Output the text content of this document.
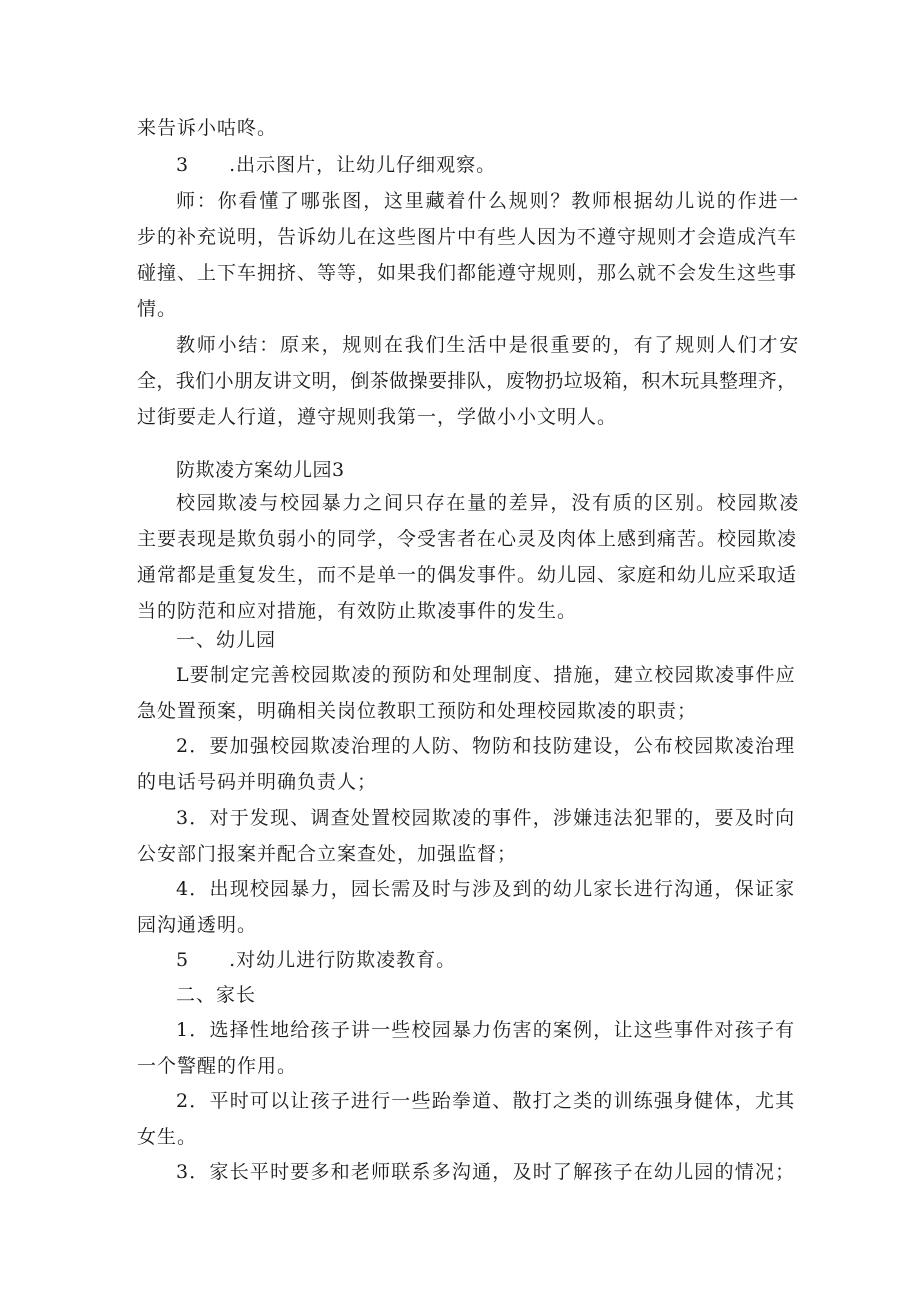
来告诉小咕咚。

3　　.出示图片，让幼儿仔细观察。

师：你看懂了哪张图，这里藏着什么规则？教师根据幼儿说的作进一

步的补充说明，告诉幼儿在这些图片中有些人因为不遵守规则才会造成汽车

碰撞、上下车拥挤、等等，如果我们都能遵守规则，那么就不会发生这些事

情。

教师小结：原来，规则在我们生活中是很重要的，有了规则人们才安

全，我们小朋友讲文明，倒茶做操要排队，废物扔垃圾箱，积木玩具整理齐，

过街要走人行道，遵守规则我第一，学做小小文明人。

防欺凌方案幼儿园3

校园欺凌与校园暴力之间只存在量的差异，没有质的区别。校园欺凌

主要表现是欺负弱小的同学，令受害者在心灵及肉体上感到痛苦。校园欺凌

通常都是重复发生，而不是单一的偶发事件。幼儿园、家庭和幼儿应采取适

当的防范和应对措施，有效防止欺凌事件的发生。

一、幼儿园

L要制定完善校园欺凌的预防和处理制度、措施，建立校园欺凌事件应

急处置预案，明确相关岗位教职工预防和处理校园欺凌的职责；

2．要加强校园欺凌治理的人防、物防和技防建设，公布校园欺凌治理

的电话号码并明确负责人；

3．对于发现、调查处置校园欺凌的事件，涉嫌违法犯罪的，要及时向

公安部门报案并配合立案查处，加强监督；

4．出现校园暴力，园长需及时与涉及到的幼儿家长进行沟通，保证家

园沟通透明。

5　　.对幼儿进行防欺凌教育。

二、家长

1．选择性地给孩子讲一些校园暴力伤害的案例，让这些事件对孩子有

一个警醒的作用。

2．平时可以让孩子进行一些跆拳道、散打之类的训练强身健体，尤其

女生。

3．家长平时要多和老师联系多沟通，及时了解孩子在幼儿园的情况；
